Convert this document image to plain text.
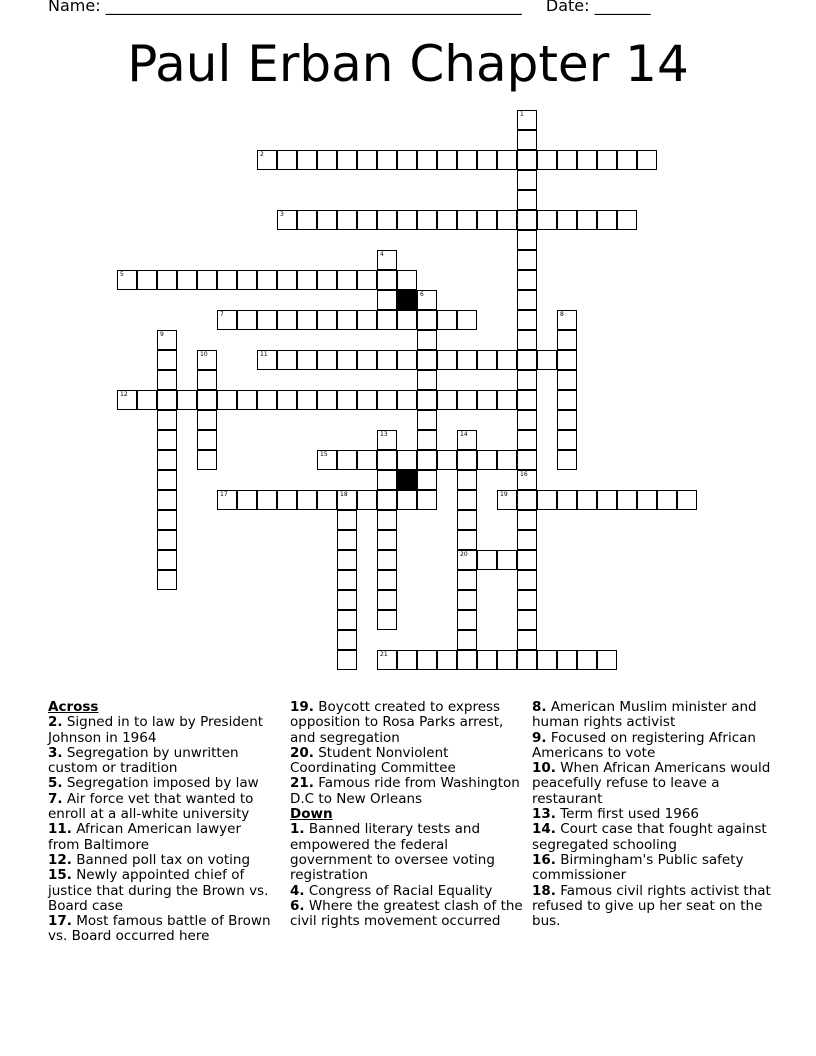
Name: ____________________________________________________ Date: _______
Paul Erban Chapter 14
1
16
2
3
4
5
6
7	8
9
10	11
12
13	14
20
15
17	18	19
21
Across
2. Signed in to law by President Johnson in 1964
3. Segregation by unwritten custom or tradition
5. Segregation imposed by law
7. Air force vet that wanted to enroll at a all-white university
11. African American lawyer from Baltimore
12. Banned poll tax on voting
15. Newly appointed chief of justice that during the Brown vs. Board case
17. Most famous battle of Brown vs. Board occurred here
19. Boycott created to express opposition to Rosa Parks arrest, and segregation
20. Student Nonviolent Coordinating Committee
21. Famous ride from Washington D.C to New Orleans
Down
1. Banned literary tests and empowered the federal government to oversee voting registration
4. Congress of Racial Equality
6. Where the greatest clash of the civil rights movement occurred
8. American Muslim minister and human rights activist
9. Focused on registering African Americans to vote
10. When African Americans would peacefully refuse to leave a restaurant
13. Term first used 1966
14. Court case that fought against segregated schooling
16. Birmingham's Public safety commissioner
18. Famous civil rights activist that refused to give up her seat on the bus.
